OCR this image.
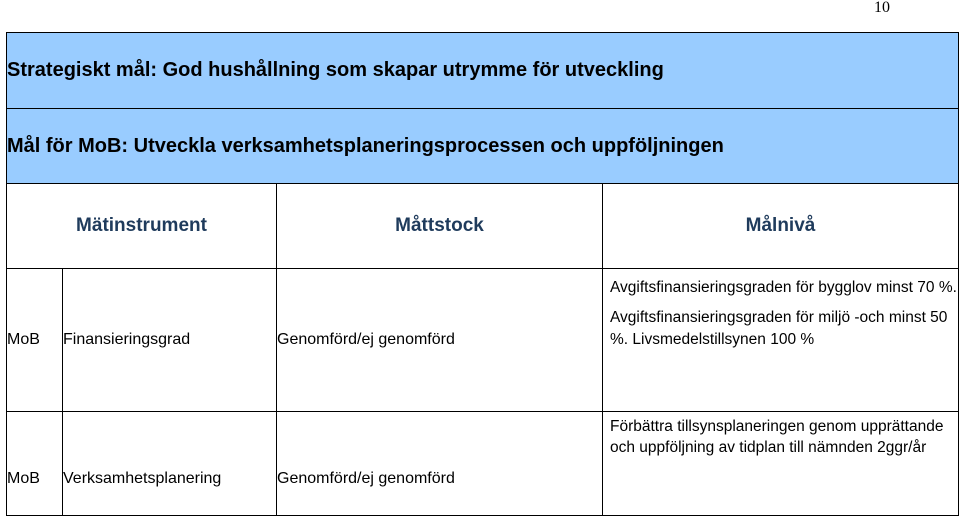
10
Strategiskt mål: God hushållning som skapar utrymme för utveckling			
Mål för MoB: Utveckla verksamhetsplaneringsprocessen och uppföljningen			
Mätinstrument		Måttstock	Målnivå
MoB	Finansieringsgrad	Genomförd/ej genomförd	Avgiftsfinansieringsgraden för bygglov minst 70 %.
Avgiftsfinansieringsgraden för miljö -och minst 50 %. Livsmedelstillsynen 100 %

MoB	Verksamhetsplanering	Genomförd/ej genomförd	Förbättra tillsynsplaneringen genom upprättande och uppföljning av tidplan till nämnden 2ggr/år
